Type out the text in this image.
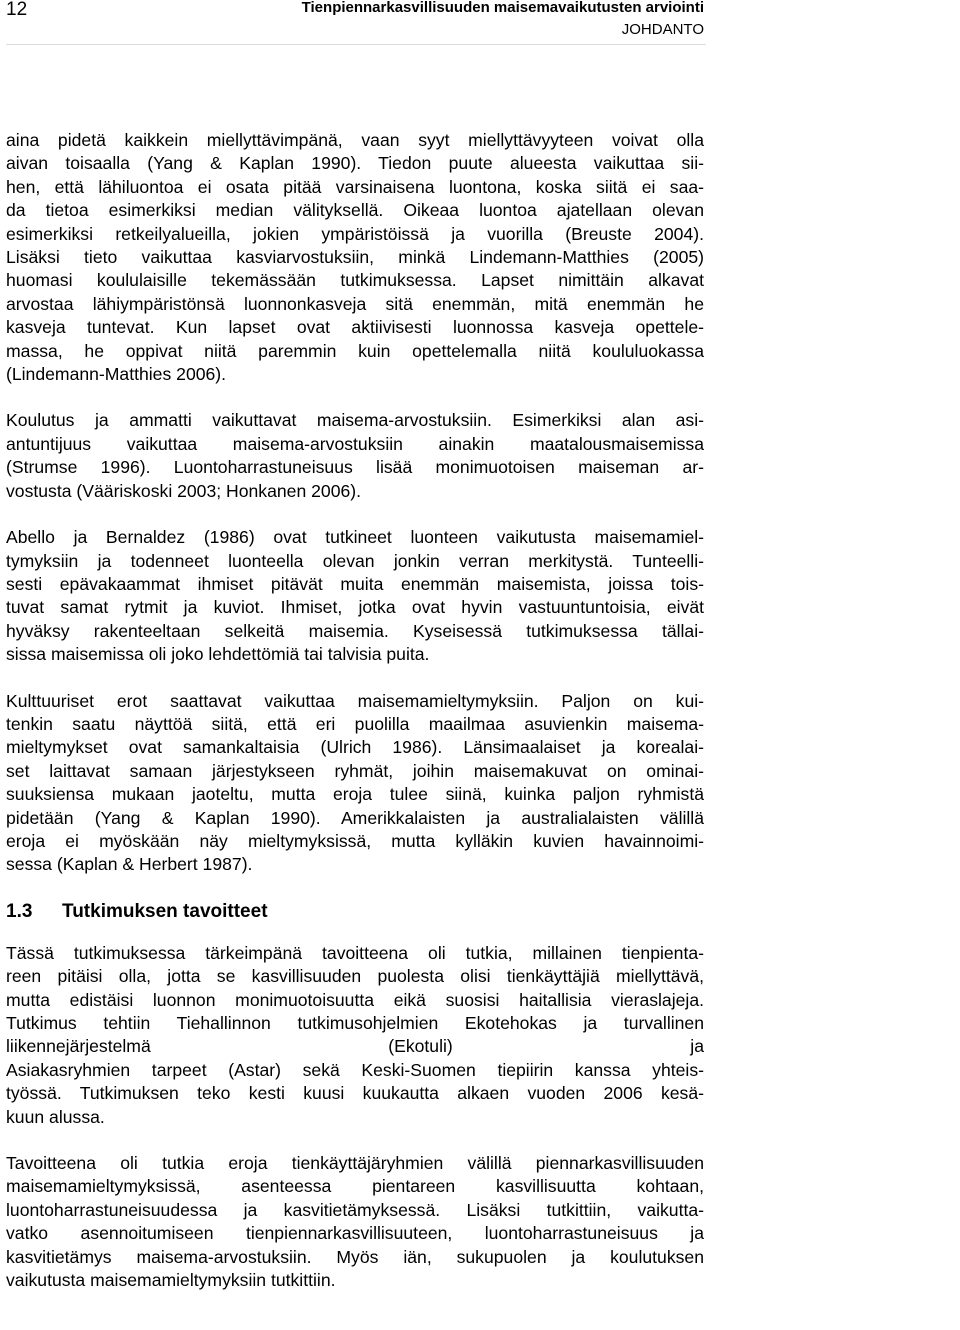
12	Tienpiennarkasvillisuuden maisemavaikutusten arviointi
JOHDANTO

aina pidetä kaikkein miellyttävimpänä, vaan syyt miellyttävyyteen voivat olla
aivan toisaalla (Yang & Kaplan 1990). Tiedon puute alueesta vaikuttaa sii-
hen, että lähiluontoa ei osata pitää varsinaisena luontona, koska siitä ei saa-
da tietoa esimerkiksi median välityksellä. Oikeaa luontoa ajatellaan olevan
esimerkiksi retkeilyalueilla, jokien ympäristöissä ja vuorilla (Breuste 2004).
Lisäksi tieto vaikuttaa kasviarvostuksiin, minkä Lindemann-Matthies (2005)
huomasi koululaisille tekemässään tutkimuksessa. Lapset nimittäin alkavat
arvostaa lähiympäristönsä luonnonkasveja sitä enemmän, mitä enemmän he
kasveja tuntevat. Kun lapset ovat aktiivisesti luonnossa kasveja opettele-
massa, he oppivat niitä paremmin kuin opettelemalla niitä koululuokassa
(Lindemann-Matthies 2006).

Koulutus ja ammatti vaikuttavat maisema-arvostuksiin. Esimerkiksi alan asi-
antuntijuus vaikuttaa maisema-arvostuksiin ainakin maatalousmaisemissa
(Strumse 1996). Luontoharrastuneisuus lisää monimuotoisen maiseman ar-
vostusta (Vääriskoski 2003; Honkanen 2006).

Abello ja Bernaldez (1986) ovat tutkineet luonteen vaikutusta maisemamiel-
tymyksiin ja todenneet luonteella olevan jonkin verran merkitystä. Tunteelli-
sesti epävakaammat ihmiset pitävät muita enemmän maisemista, joissa tois-
tuvat samat rytmit ja kuviot. Ihmiset, jotka ovat hyvin vastuuntuntoisia, eivät
hyväksy rakenteeltaan selkeitä maisemia. Kyseisessä tutkimuksessa tällai-
sissa maisemissa oli joko lehdettömiä tai talvisia puita.

Kulttuuriset erot saattavat vaikuttaa maisemamieltymyksiin. Paljon on kui-
tenkin saatu näyttöä siitä, että eri puolilla maailmaa asuvienkin maisema-
mieltymykset ovat samankaltaisia (Ulrich 1986). Länsimaalaiset ja korealai-
set laittavat samaan järjestykseen ryhmät, joihin maisemakuvat on ominai-
suuksiensa mukaan jaoteltu, mutta eroja tulee siinä, kuinka paljon ryhmistä
pidetään (Yang & Kaplan 1990). Amerikkalaisten ja australialaisten välillä
eroja ei myöskään näy mieltymyksissä, mutta kylläkin kuvien havainnoimi-
sessa (Kaplan & Herbert 1987).

1.3 Tutkimuksen tavoitteet

Tässä tutkimuksessa tärkeimpänä tavoitteena oli tutkia, millainen tienpienta-
reen pitäisi olla, jotta se kasvillisuuden puolesta olisi tienkäyttäjiä miellyttävä,
mutta edistäisi luonnon monimuotoisuutta eikä suosisi haitallisia vieraslajeja.
Tutkimus tehtiin Tiehallinnon tutkimusohjelmien Ekotehokas ja turvallinen
liikennejärjestelmä (Ekotuli) ja
Asiakasryhmien tarpeet (Astar) sekä Keski-Suomen tiepiirin kanssa yhteis-
työssä. Tutkimuksen teko kesti kuusi kuukautta alkaen vuoden 2006 kesä-
kuun alussa.

Tavoitteena oli tutkia eroja tienkäyttäjäryhmien välillä piennarkasvillisuuden
maisemamieltymyksissä, asenteessa pientareen kasvillisuutta kohtaan,
luontoharrastuneisuudessa ja kasvitietämyksessä. Lisäksi tutkittiin, vaikutta-
vatko asennoitumiseen tienpiennarkasvillisuuteen, luontoharrastuneisuus ja
kasvitietämys maisema-arvostuksiin. Myös iän, sukupuolen ja koulutuksen
vaikutusta maisemamieltymyksiin tutkittiin.
